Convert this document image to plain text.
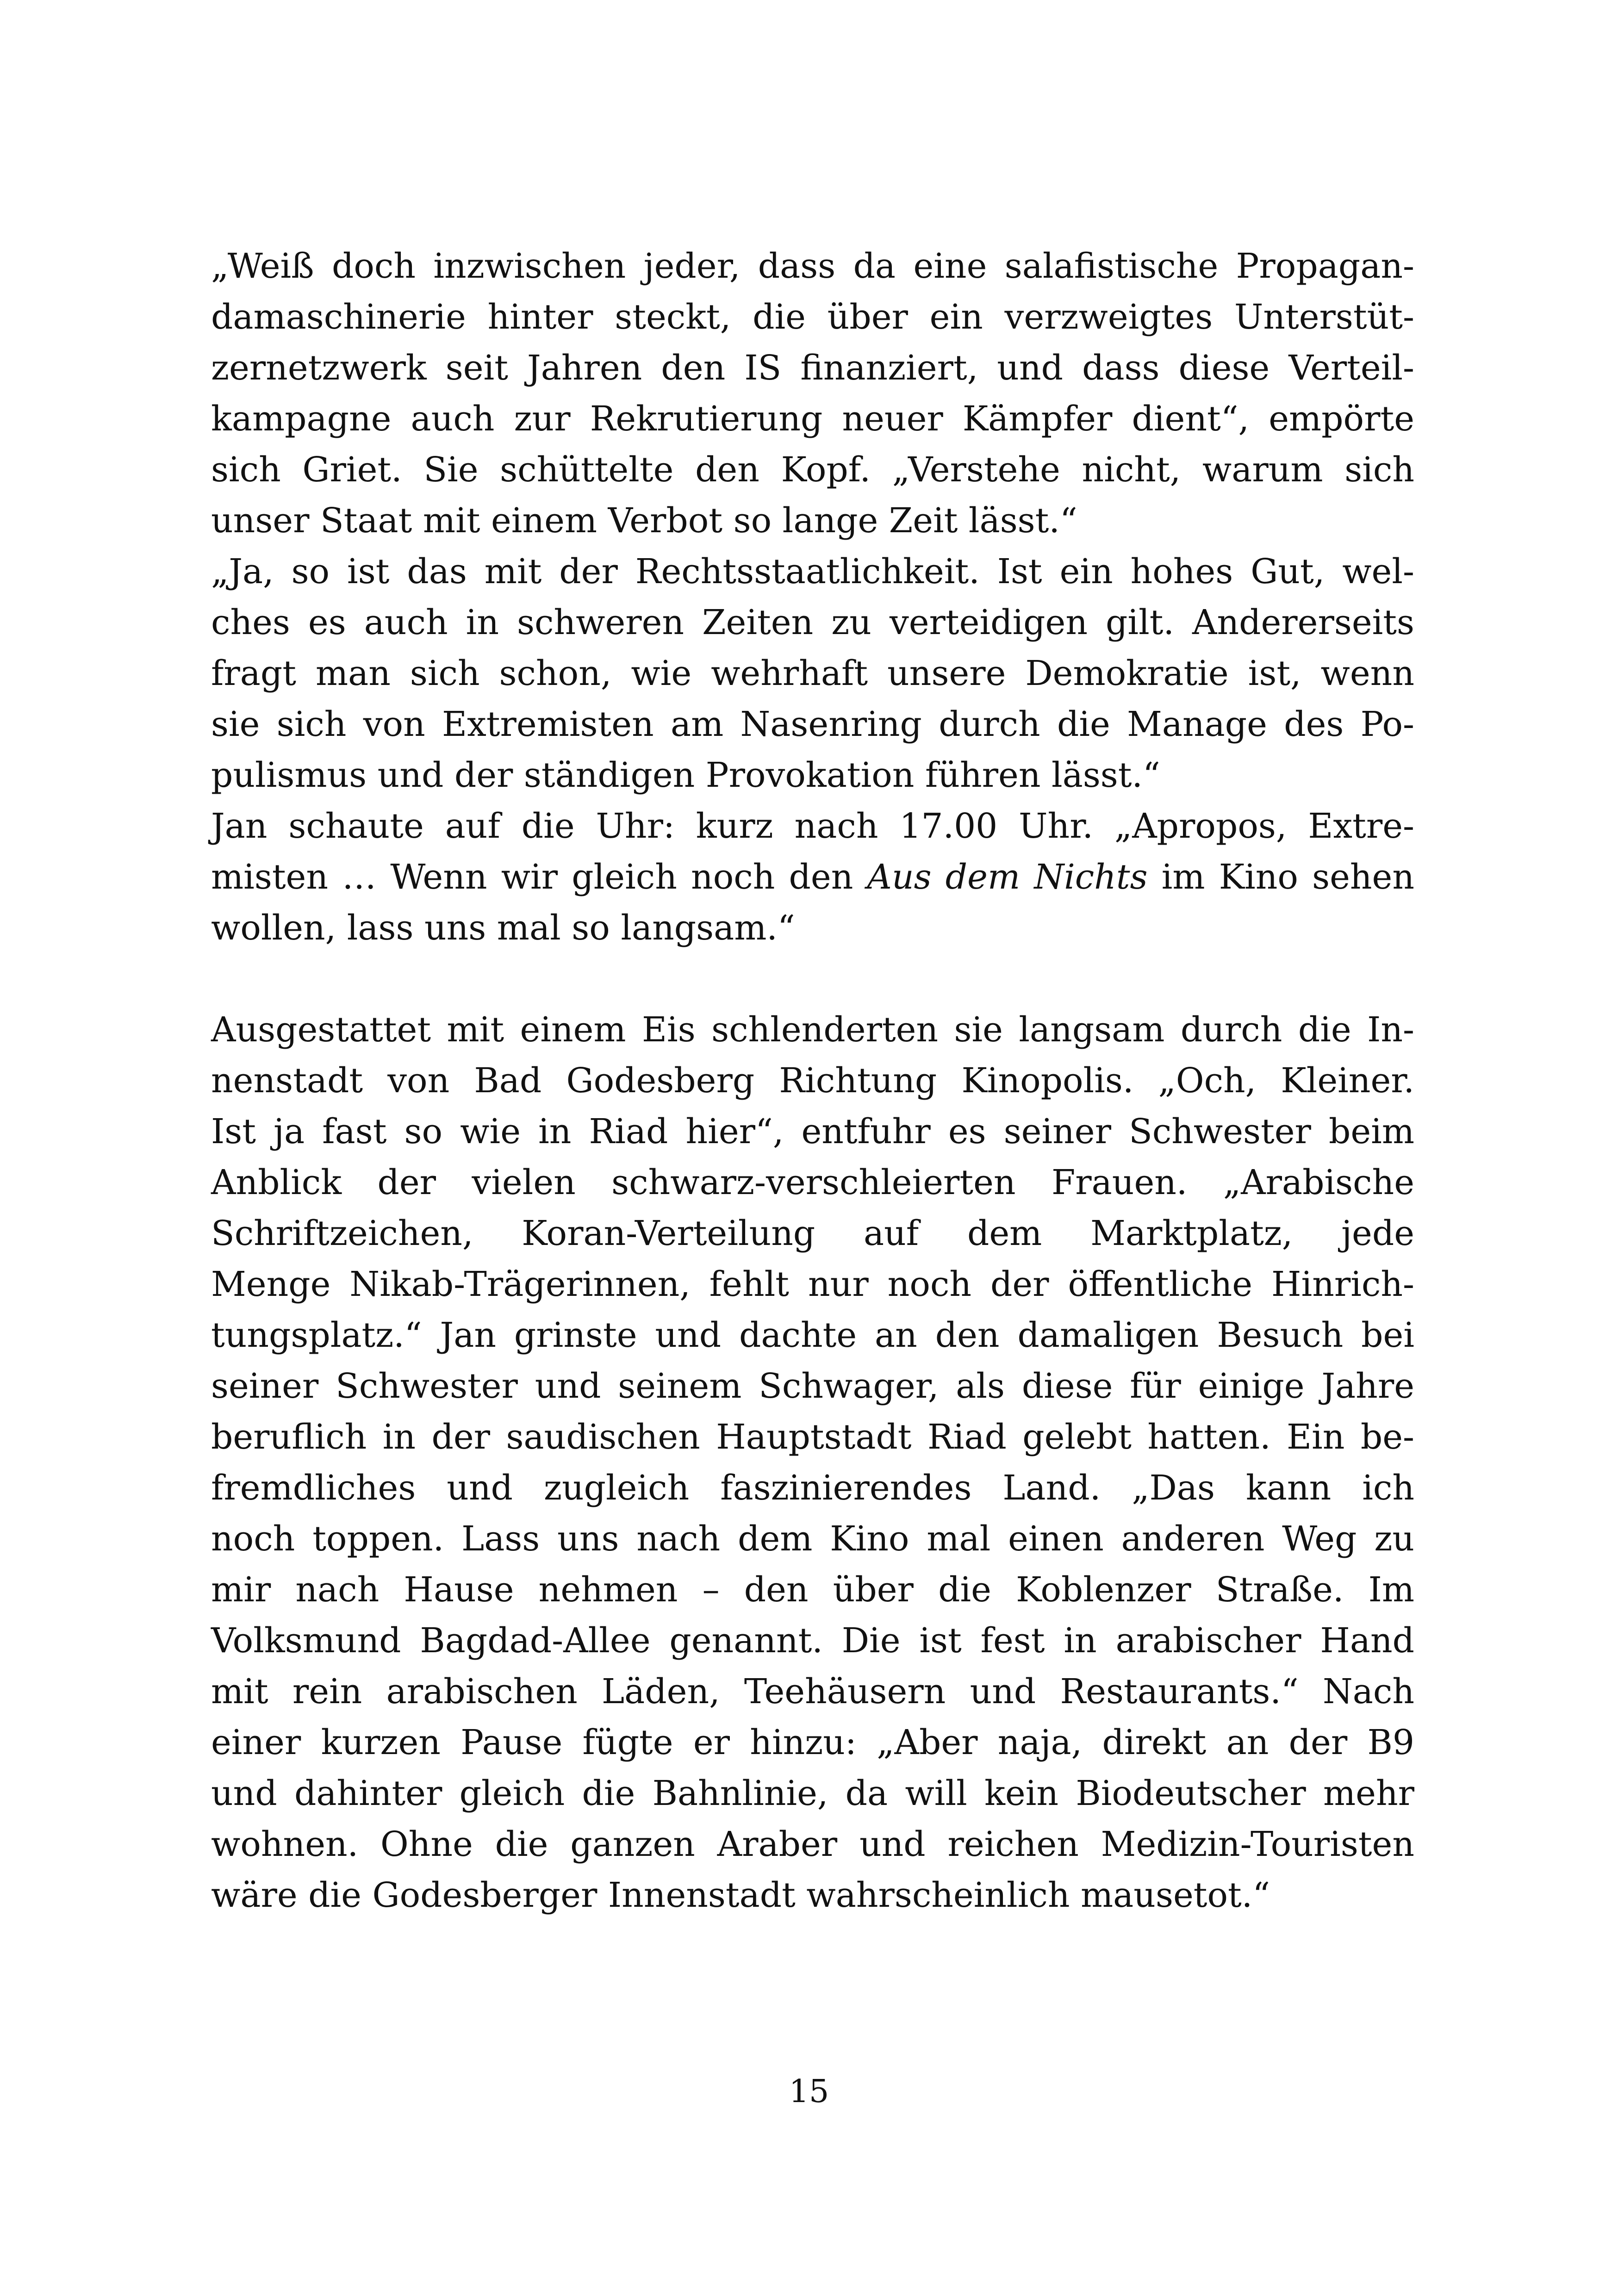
„Weiß doch inzwischen jeder, dass da eine salafistische Propagan-
damaschinerie hinter steckt, die über ein verzweigtes Unterstüt-
zernetzwerk seit Jahren den IS finanziert, und dass diese Verteil-
kampagne auch zur Rekrutierung neuer Kämpfer dient“, empörte
sich Griet. Sie schüttelte den Kopf. „Verstehe nicht, warum sich
unser Staat mit einem Verbot so lange Zeit lässt.“
„Ja, so ist das mit der Rechtsstaatlichkeit. Ist ein hohes Gut, wel-
ches es auch in schweren Zeiten zu verteidigen gilt. Andererseits
fragt man sich schon, wie wehrhaft unsere Demokratie ist, wenn
sie sich von Extremisten am Nasenring durch die Manage des Po-
pulismus und der ständigen Provokation führen lässt.“
Jan schaute auf die Uhr: kurz nach 17.00 Uhr. „Apropos, Extre-
misten … Wenn wir gleich noch den Aus dem Nichts im Kino sehen
wollen, lass uns mal so langsam.“
Ausgestattet mit einem Eis schlenderten sie langsam durch die In-
nenstadt von Bad Godesberg Richtung Kinopolis. „Och, Kleiner.
Ist ja fast so wie in Riad hier“, entfuhr es seiner Schwester beim
Anblick der vielen schwarz-verschleierten Frauen. „Arabische
Schriftzeichen, Koran-Verteilung auf dem Marktplatz, jede
Menge Nikab-Trägerinnen, fehlt nur noch der öffentliche Hinrich-
tungsplatz.“ Jan grinste und dachte an den damaligen Besuch bei
seiner Schwester und seinem Schwager, als diese für einige Jahre
beruflich in der saudischen Hauptstadt Riad gelebt hatten. Ein be-
fremdliches und zugleich faszinierendes Land. „Das kann ich
noch toppen. Lass uns nach dem Kino mal einen anderen Weg zu
mir nach Hause nehmen – den über die Koblenzer Straße. Im
Volksmund Bagdad-Allee genannt. Die ist fest in arabischer Hand
mit rein arabischen Läden, Teehäusern und Restaurants.“ Nach
einer kurzen Pause fügte er hinzu: „Aber naja, direkt an der B9
und dahinter gleich die Bahnlinie, da will kein Biodeutscher mehr
wohnen. Ohne die ganzen Araber und reichen Medizin-Touristen
wäre die Godesberger Innenstadt wahrscheinlich mausetot.“
15
